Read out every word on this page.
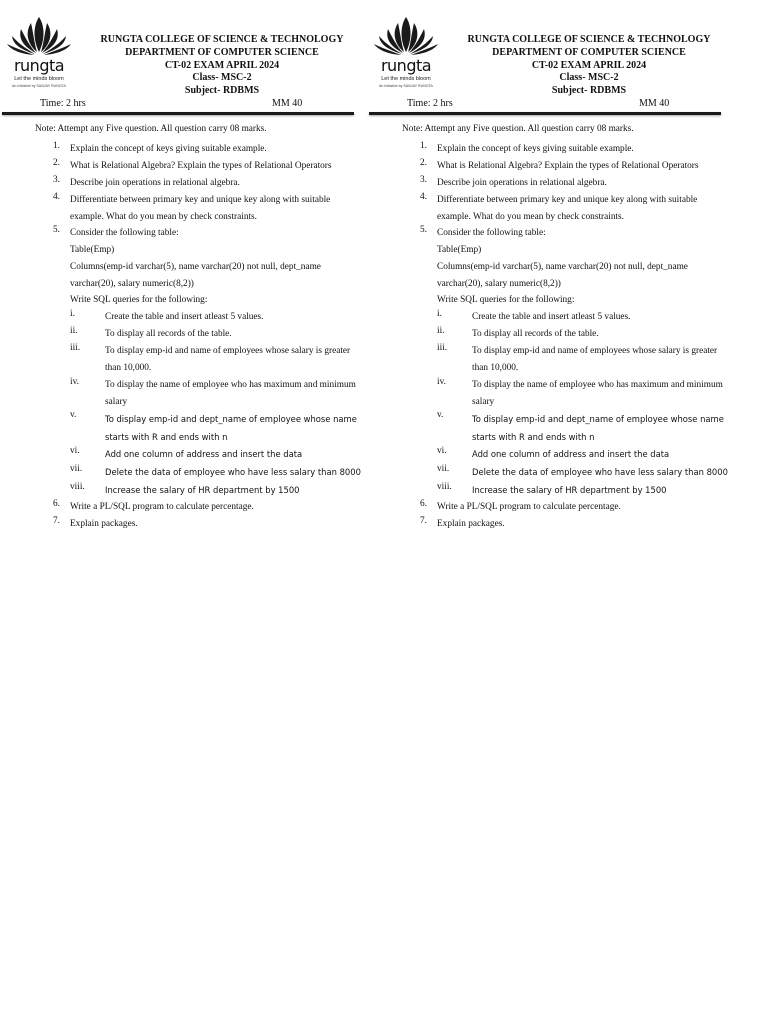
rungta
Let the minds bloom
An Initiative by SANJAY RUNGTA
RUNGTA COLLEGE OF SCIENCE & TECHNOLOGY
DEPARTMENT OF COMPUTER SCIENCE
CT-02 EXAM APRIL 2024
Class- MSC-2
Subject- RDBMS
Time: 2 hrs	MM 40
Note: Attempt any Five question. All question carry 08 marks.
1. Explain the concept of keys giving suitable example.
2. What is Relational Algebra? Explain the types of Relational Operators
3. Describe join operations in relational algebra.
4. Differentiate between primary key and unique key along with suitable example. What do you mean by check constraints.
5. Consider the following table:
Table(Emp)
Columns(emp-id varchar(5), name varchar(20) not null, dept_name varchar(20), salary numeric(8,2))
Write SQL queries for the following:
i.	Create the table and insert atleast 5 values.
ii.	To display all records of the table.
iii.	To display emp-id and name of employees whose salary is greater than 10,000.
iv.	To display the name of employee who has maximum and minimum salary
v.	To display emp-id and dept_name of employee whose name starts with R and ends with n
vi.	Add one column of address and insert the data
vii.	Delete the data of employee who have less salary than 8000
viii. Increase the salary of HR department by 1500
6. Write a PL/SQL program to calculate percentage.
7. Explain packages.
rungta
Let the minds bloom
An Initiative by SANJAY RUNGTA
RUNGTA COLLEGE OF SCIENCE & TECHNOLOGY
DEPARTMENT OF COMPUTER SCIENCE
CT-02 EXAM APRIL 2024
Class- MSC-2
Subject- RDBMS
Time: 2 hrs	MM 40
Note: Attempt any Five question. All question carry 08 marks.
1. Explain the concept of keys giving suitable example.
2. What is Relational Algebra? Explain the types of Relational Operators
3. Describe join operations in relational algebra.
4. Differentiate between primary key and unique key along with suitable example. What do you mean by check constraints.
5. Consider the following table:
Table(Emp)
Columns(emp-id varchar(5), name varchar(20) not null, dept_name varchar(20), salary numeric(8,2))
Write SQL queries for the following:
i.	Create the table and insert atleast 5 values.
ii.	To display all records of the table.
iii.	To display emp-id and name of employees whose salary is greater than 10,000.
iv.	To display the name of employee who has maximum and minimum salary
v.	To display emp-id and dept_name of employee whose name starts with R and ends with n
vi.	Add one column of address and insert the data
vii.	Delete the data of employee who have less salary than 8000
viii. Increase the salary of HR department by 1500
6. Write a PL/SQL program to calculate percentage.
7. Explain packages.
